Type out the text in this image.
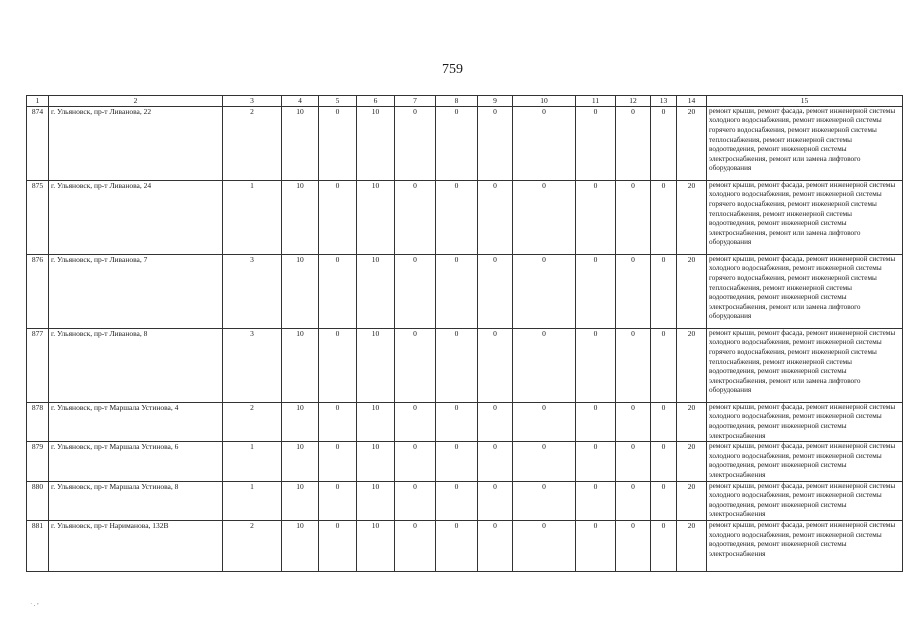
759
1	2	3	4	5	6	7	8	9	10	11	12	13	14	15
874	г. Ульяновск, пр-т Ливанова, 22	2	10	0	10	0	0	0	0	0	0	0	20	ремонт крыши, ремонт фасада, ремонт инженерной системы холодного водоснабжения, ремонт инженерной системы горячего водоснабжения, ремонт инженерной системы теплоснабжения, ремонт инженерной системы водоотведения, ремонт инженерной системы электроснабжения, ремонт или замена лифтового оборудования
875	г. Ульяновск, пр-т Ливанова, 24	1	10	0	10	0	0	0	0	0	0	0	20	ремонт крыши, ремонт фасада, ремонт инженерной системы холодного водоснабжения, ремонт инженерной системы горячего водоснабжения, ремонт инженерной системы теплоснабжения, ремонт инженерной системы водоотведения, ремонт инженерной системы электроснабжения, ремонт или замена лифтового оборудования
876	г. Ульяновск, пр-т Ливанова, 7	3	10	0	10	0	0	0	0	0	0	0	20	ремонт крыши, ремонт фасада, ремонт инженерной системы холодного водоснабжения, ремонт инженерной системы горячего водоснабжения, ремонт инженерной системы теплоснабжения, ремонт инженерной системы водоотведения, ремонт инженерной системы электроснабжения, ремонт или замена лифтового оборудования
877	г. Ульяновск, пр-т Ливанова, 8	3	10	0	10	0	0	0	0	0	0	0	20	ремонт крыши, ремонт фасада, ремонт инженерной системы холодного водоснабжения, ремонт инженерной системы горячего водоснабжения, ремонт инженерной системы теплоснабжения, ремонт инженерной системы водоотведения, ремонт инженерной системы электроснабжения, ремонт или замена лифтового оборудования
878	г. Ульяновск, пр-т Маршала Устинова, 4	2	10	0	10	0	0	0	0	0	0	0	20	ремонт крыши, ремонт фасада, ремонт инженерной системы холодного водоснабжения, ремонт инженерной системы водоотведения, ремонт инженерной системы электроснабжения
879	г. Ульяновск, пр-т Маршала Устинова, 6	1	10	0	10	0	0	0	0	0	0	0	20	ремонт крыши, ремонт фасада, ремонт инженерной системы холодного водоснабжения, ремонт инженерной системы водоотведения, ремонт инженерной системы электроснабжения
880	г. Ульяновск, пр-т Маршала Устинова, 8	1	10	0	10	0	0	0	0	0	0	0	20	ремонт крыши, ремонт фасада, ремонт инженерной системы холодного водоснабжения, ремонт инженерной системы водоотведения, ремонт инженерной системы электроснабжения
881	г. Ульяновск, пр-т Нариманова, 132В	2	10	0	10	0	0	0	0	0	0	0	20	ремонт крыши, ремонт фасада, ремонт инженерной системы холодного водоснабжения, ремонт инженерной системы водоотведения, ремонт инженерной системы электроснабжения
˙·ʼ
